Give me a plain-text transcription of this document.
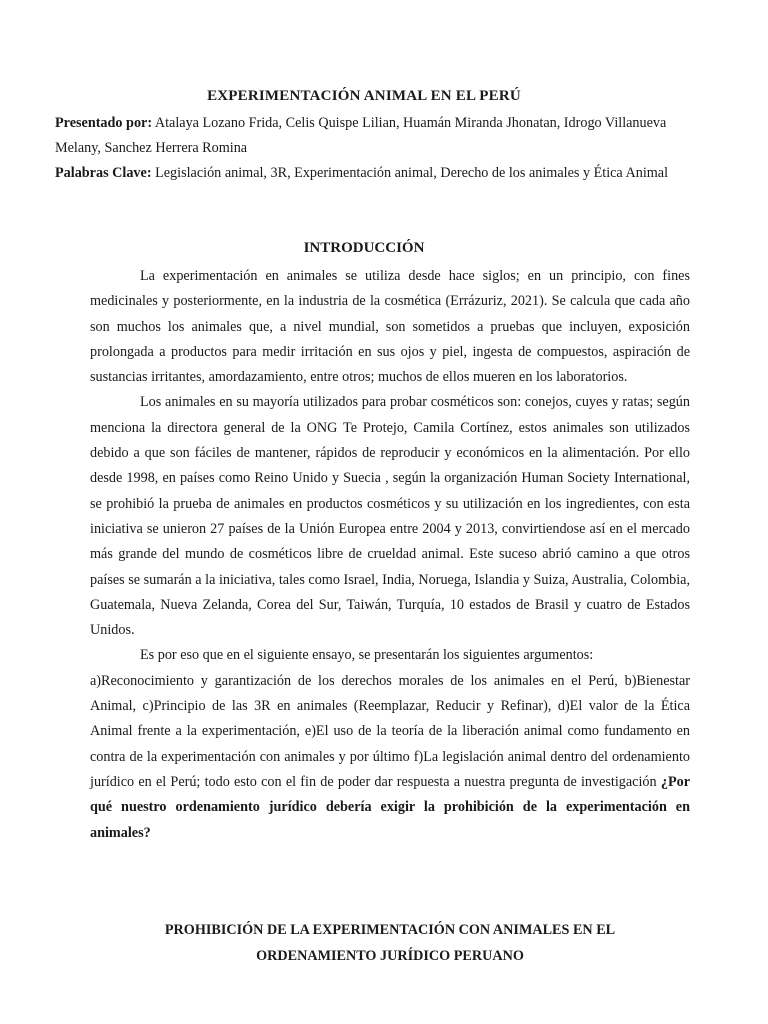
EXPERIMENTACIÓN ANIMAL EN EL PERÚ
Presentado por: Atalaya Lozano Frida, Celis Quispe Lilian, Huamán Miranda Jhonatan, Idrogo Villanueva Melany, Sanchez Herrera Romina
Palabras Clave: Legislación animal, 3R, Experimentación animal, Derecho de los animales y Ética Animal
INTRODUCCIÓN

La experimentación en animales se utiliza desde hace siglos; en un principio, con fines medicinales y posteriormente, en la industria de la cosmética (Errázuriz, 2021). Se calcula que cada año son muchos los animales que, a nivel mundial, son sometidos a pruebas que incluyen, exposición prolongada a productos para medir irritación en sus ojos y piel, ingesta de compuestos, aspiración de sustancias irritantes, amordazamiento, entre otros; muchos de ellos mueren en los laboratorios.

Los animales en su mayoría utilizados para probar cosméticos son: conejos, cuyes y ratas; según menciona la directora general de la ONG Te Protejo, Camila Cortínez, estos animales son utilizados debido a que son fáciles de mantener, rápidos de reproducir y económicos en la alimentación. Por ello desde 1998, en países como Reino Unido y Suecia , según la organización Human Society International, se prohibió la prueba de animales en productos cosméticos y su utilización en los ingredientes, con esta iniciativa se unieron 27 países de la Unión Europea entre 2004 y 2013, convirtiendose así en el mercado más grande del mundo de cosméticos libre de crueldad animal. Este suceso abrió camino a que otros países se sumarán a la iniciativa, tales como Israel, India, Noruega, Islandia y Suiza, Australia, Colombia, Guatemala, Nueva Zelanda, Corea del Sur, Taiwán, Turquía, 10 estados de Brasil y cuatro de Estados Unidos.

Es por eso que en el siguiente ensayo, se presentarán los siguientes argumentos:

a)Reconocimiento y garantización de los derechos morales de los animales en el Perú, b)Bienestar Animal, c)Principio de las 3R en animales (Reemplazar, Reducir y Refinar), d)El valor de la Ética Animal frente a la experimentación, e)El uso de la teoría de la liberación animal como fundamento en contra de la experimentación con animales y por último f)La legislación animal dentro del ordenamiento jurídico en el Perú; todo esto con el fin de poder dar respuesta a nuestra pregunta de investigación ¿Por qué nuestro ordenamiento jurídico debería exigir la prohibición de la experimentación en animales?

PROHIBICIÓN DE LA EXPERIMENTACIÓN CON ANIMALES EN EL
ORDENAMIENTO JURÍDICO PERUANO
